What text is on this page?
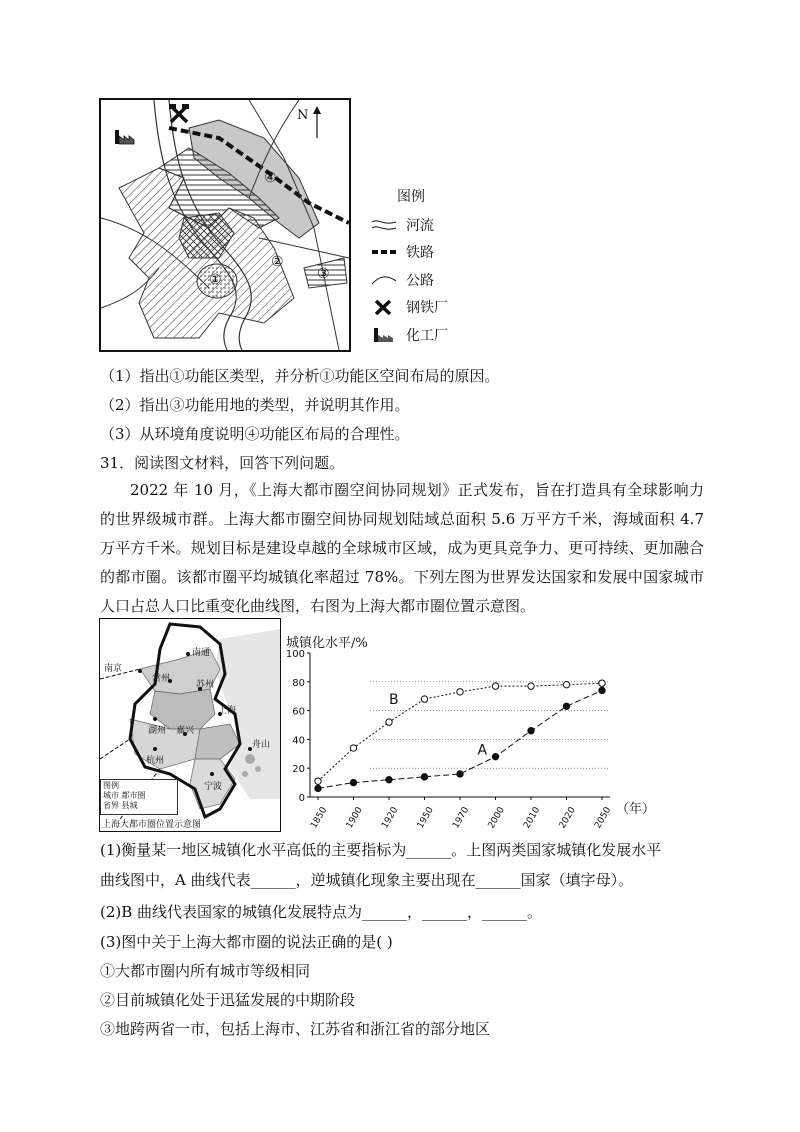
N
④
②
③
①
图例
河流
铁路
公路
钢铁厂
化工厂
（1）指出①功能区类型，并分析①功能区空间布局的原因。
（2）指出③功能用地的类型，并说明其作用。
（3）从环境角度说明④功能区布局的合理性。
31．阅读图文材料，回答下列问题。
2022 年 10 月，《上海大都市圈空间协同规划》正式发布，旨在打造具有全球影响力的世界级城市群。上海大都市圈空间协同规划陆域总面积 5.6 万平方千米，海域面积 4.7 万平方千米。规划目标是建设卓越的全球城市区域，成为更具竞争力、更可持续、更加融合的都市圈。该都市圈平均城镇化率超过 78%。下列左图为世界发达国家和发展中国家城市人口占总人口比重变化曲线图，右图为上海大都市圈位置示意图。
南京
南通
常州
苏州
湖州 嘉兴
上海
杭州
宁波
舟山
图例
城市 都市圈
省界 县城
上海大都市圈位置示意图
城镇化水平/%
0
20
40
60
80
100
1850 1900 1920 1950 1970 2000 2010 2020 2050
A
B
（年）
(1)衡量某一地区城镇化水平高低的主要指标为______。上图两类国家城镇化发展水平
曲线图中，A 曲线代表______，逆城镇化现象主要出现在______国家（填字母）。
(2)B 曲线代表国家的城镇化发展特点为______，______，______。
(3)图中关于上海大都市圈的说法正确的是( )
①大都市圈内所有城市等级相同
②目前城镇化处于迅猛发展的中期阶段
③地跨两省一市，包括上海市、江苏省和浙江省的部分地区
